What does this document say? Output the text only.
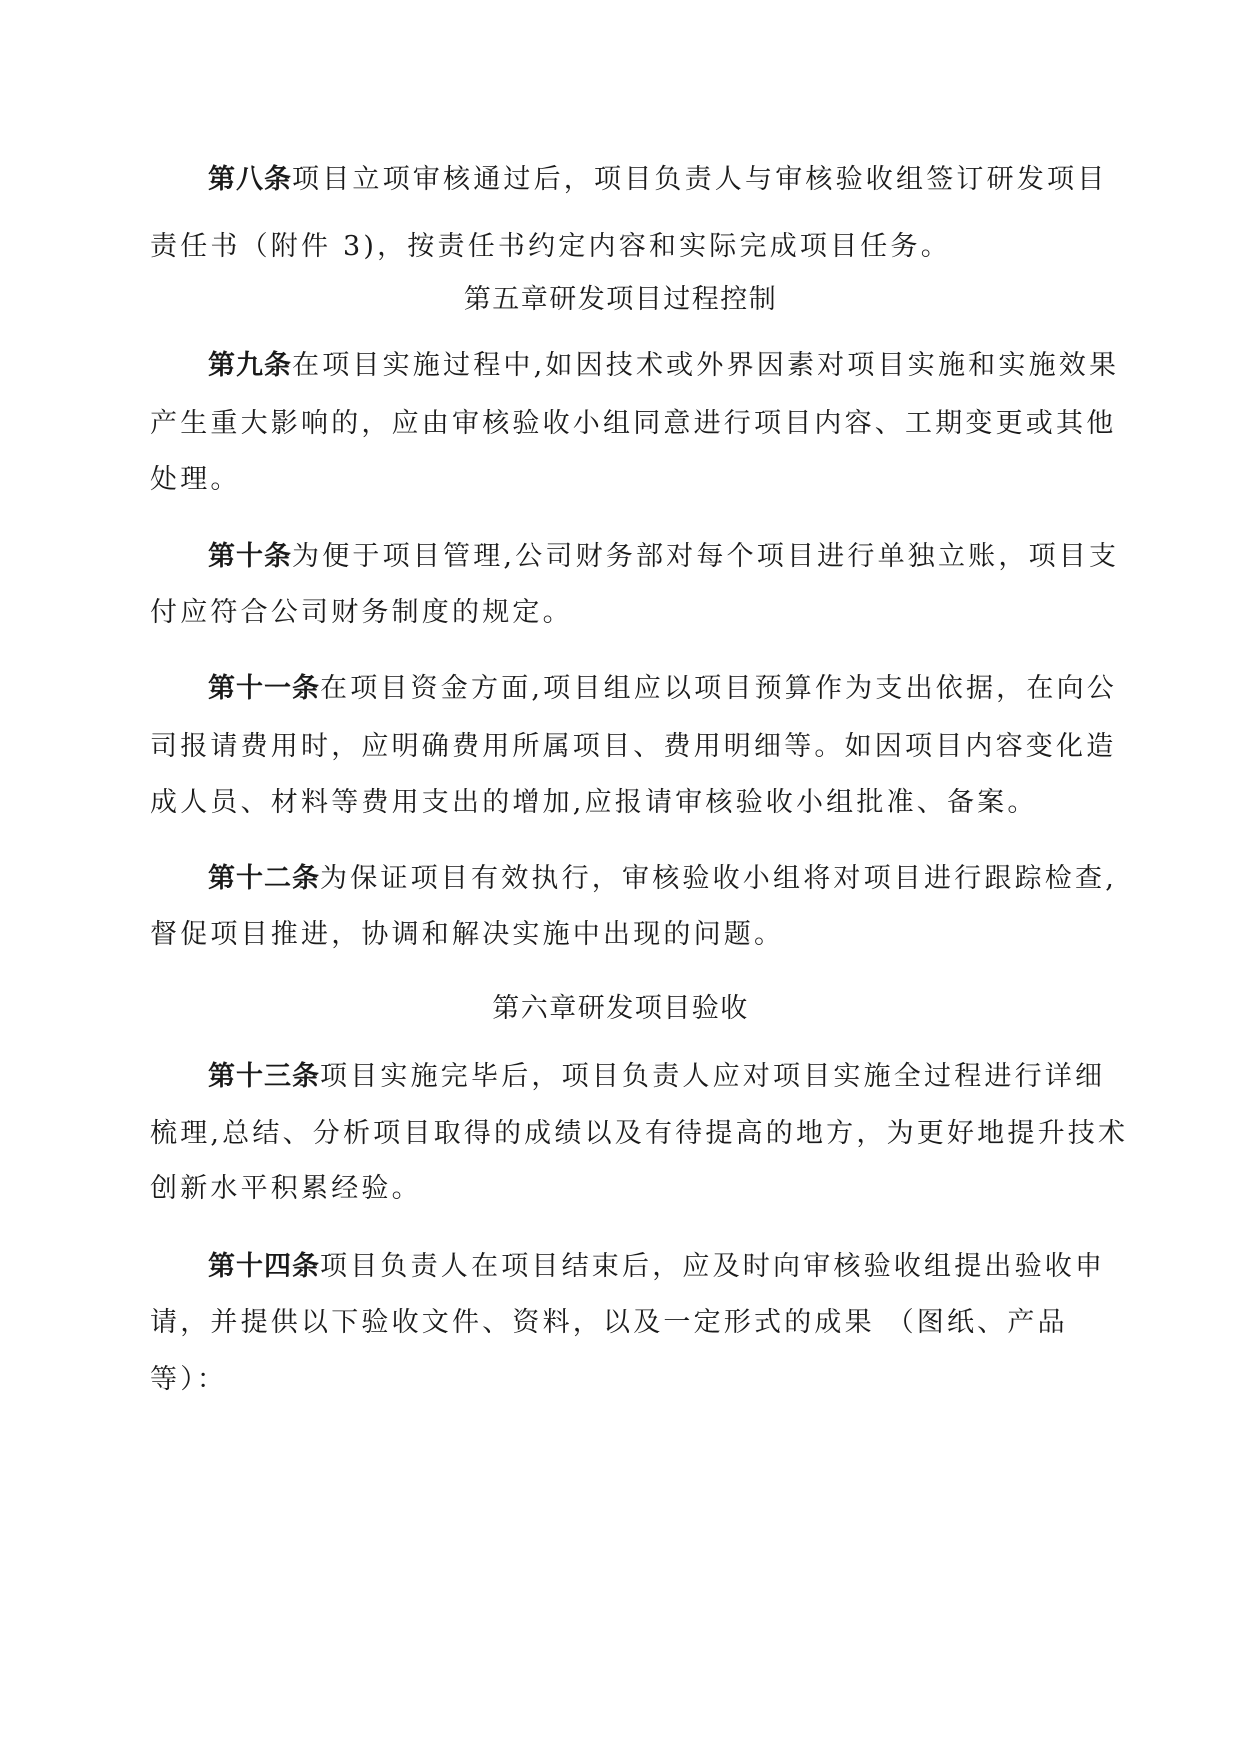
第八条项目立项审核通过后，项目负责人与审核验收组签订研发项目
责任书（附件 3)，按责任书约定内容和实际完成项目任务。
第五章研发项目过程控制
第九条在项目实施过程中,如因技术或外界因素对项目实施和实施效果
产生重大影响的，应由审核验收小组同意进行项目内容、工期变更或其他
处理。
第十条为便于项目管理,公司财务部对每个项目进行单独立账，项目支
付应符合公司财务制度的规定。
第十一条在项目资金方面,项目组应以项目预算作为支出依据，在向公
司报请费用时，应明确费用所属项目、费用明细等。如因项目内容变化造
成人员、材料等费用支出的增加,应报请审核验收小组批准、备案。
第十二条为保证项目有效执行，审核验收小组将对项目进行跟踪检查,
督促项目推进，协调和解决实施中出现的问题。
第六章研发项目验收
第十三条项目实施完毕后，项目负责人应对项目实施全过程进行详细
梳理,总结、分析项目取得的成绩以及有待提高的地方，为更好地提升技术
创新水平积累经验。
第十四条项目负责人在项目结束后，应及时向审核验收组提出验收申
请，并提供以下验收文件、资料，以及一定形式的成果 （图纸、产品
等）：
